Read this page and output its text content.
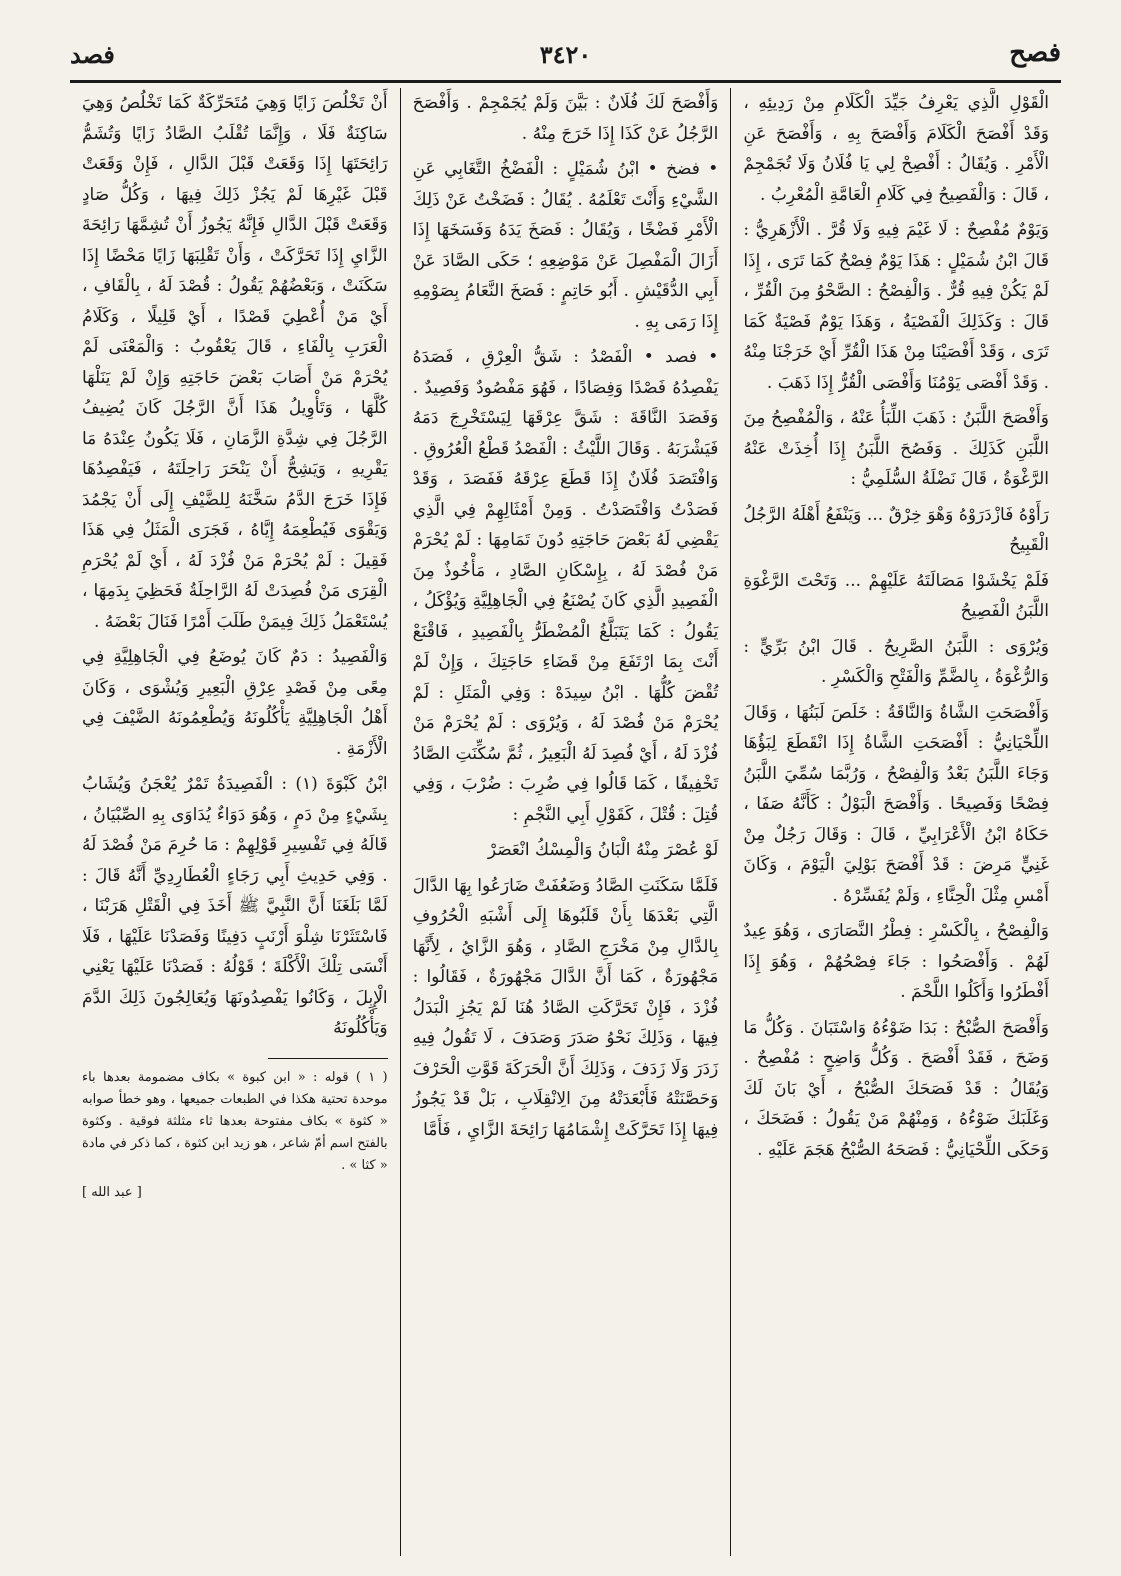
فصح
٣٤٢٠
فصد

الْقَوْلِ الَّذِي يَعْرِفُ جَيِّدَ الْكَلَامِ مِنْ رَدِيئِهِ ، وَقَدْ أَفْصَحَ الْكَلَامَ وَأَفْصَحَ بِهِ ، وَأَفْصَحَ عَنِ الْأَمْرِ . وَيُقَالُ : أَفْصِحْ لِي يَا فُلَانُ وَلَا تُجَمْجِمْ ، قَالَ : وَالْفَصِيحُ فِي كَلَامِ الْعَامَّةِ الْمُعْرِبُ .

وَيَوْمٌ مُفْصِحٌ : لَا غَيْمَ فِيهِ وَلَا قُرَّ . الْأَزْهَرِيُّ : قَالَ ابْنُ شُمَيْلٍ : هَذَا يَوْمٌ فِصْحٌ كَمَا تَرَى ، إِذَا لَمْ يَكُنْ فِيهِ قُرٌّ . وَالْفِصْحُ : الصَّحْوُ مِنَ الْقُرِّ ، قَالَ : وَكَذَلِكَ الْفَصْيَةُ ، وَهَذَا يَوْمٌ فَصْيَةٌ كَمَا تَرَى ، وَقَدْ أَفْصَيْنَا مِنْ هَذَا الْقُرِّ أَيْ خَرَجْنَا مِنْهُ . وَقَدْ أَفْصَى يَوْمُنَا وَأَفْصَى الْقُرُّ إِذَا ذَهَبَ .

وَأَفْصَحَ اللَّبَنُ : ذَهَبَ اللِّبَأُ عَنْهُ ، وَالْمُفْصِحُ مِنَ اللَّبَنِ كَذَلِكَ . وَفَصُحَ اللَّبَنُ إِذَا أُخِذَتْ عَنْهُ الرَّغْوَةُ ، قَالَ نَضْلَةُ السُّلَمِيُّ :

رَأَوْهُ فَازْدَرَوْهُ وَهْوَ خِرْقٌ ... وَيَنْفَعُ أَهْلَهُ الرَّجُلُ الْقَبِيحُ

فَلَمْ يَخْشَوْا مَصَالَتَهُ عَلَيْهِمْ ... وَتَحْتَ الرَّغْوَةِ اللَّبَنُ الْفَصِيحُ

وَيُرْوَى : اللَّبَنُ الصَّرِيحُ . قَالَ ابْنُ بَرِّيٍّ : وَالرُّغْوَةُ ، بِالضَّمِّ وَالْفَتْحِ وَالْكَسْرِ .

وَأَفْصَحَتِ الشَّاةُ وَالنَّاقَةُ : خَلَصَ لَبَنُهَا ، وَقَالَ اللِّحْيَانِيُّ : أَفْصَحَتِ الشَّاةُ إِذَا انْقَطَعَ لِبَؤُهَا وَجَاءَ اللَّبَنُ بَعْدُ وَالْفِصْحُ ، وَرُبَّمَا سُمِّيَ اللَّبَنُ فِصْحًا وَفَصِيحًا . وَأَفْصَحَ الْبَوْلُ : كَأَنَّهُ صَفَا ، حَكَاهُ ابْنُ الْأَعْرَابِيِّ ، قَالَ : وَقَالَ رَجُلٌ مِنْ غَنِيٍّ مَرِضَ : قَدْ أَفْصَحَ بَوْلِيَ الْيَوْمَ ، وَكَانَ أَمْسِ مِثْلَ الْحِنَّاءِ ، وَلَمْ يُفَسِّرْهُ .

وَالْفِصْحُ ، بِالْكَسْرِ : فِطْرُ النَّصَارَى ، وَهُوَ عِيدٌ لَهُمْ . وَأَفْصَحُوا : جَاءَ فِصْحُهُمْ ، وَهُوَ إِذَا أَفْطَرُوا وَأَكَلُوا اللَّحْمَ .

وَأَفْصَحَ الصُّبْحُ : بَدَا ضَوْءُهُ وَاسْتَبَانَ . وَكُلُّ مَا وَضَحَ ، فَقَدْ أَفْصَحَ . وَكُلُّ وَاضِحٍ : مُفْصِحٌ . وَيُقَالُ : قَدْ فَصَحَكَ الصُّبْحُ ، أَيْ بَانَ لَكَ وَغَلَبَكَ ضَوْءُهُ ، وَمِنْهُمْ مَنْ يَقُولُ : فَضَحَكَ ، وَحَكَى اللِّحْيَانِيُّ : فَصَحَهُ الصُّبْحُ هَجَمَ عَلَيْهِ .

وَأَفْصَحَ لَكَ فُلَانٌ : بَيَّنَ وَلَمْ يُجَمْجِمْ . وَأَفْصَحَ الرَّجُلُ عَنْ كَذَا إِذَا خَرَجَ مِنْهُ .

• فضخ • ابْنُ شُمَيْلٍ : الْفَضْخُ التَّغَابِي عَنِ الشَّيْءِ وَأَنْتَ تَعْلَمُهُ . يُقَالُ : فَضَخْتُ عَنْ ذَلِكَ الْأَمْرِ فَضْخًا ، وَيُقَالُ : فَصَخَ يَدَهُ وَفَسَخَهَا إِذَا أَزَالَ الْمَفْصِلَ عَنْ مَوْضِعِهِ ؛ حَكَى الصَّادَ عَنْ أَبِي الدُّقَيْشِ . أَبُو حَاتِمٍ : فَصَخَ النَّعَامُ بِصَوْمِهِ إِذَا رَمَى بِهِ .

• فصد • الْفَصْدُ : شَقُّ الْعِرْقِ ، فَصَدَهُ يَفْصِدُهُ فَصْدًا وَفِصَادًا ، فَهُوَ مَفْصُودٌ وَفَصِيدٌ . وَفَصَدَ النَّاقَةَ : شَقَّ عِرْقَهَا لِيَسْتَخْرِجَ دَمَهُ فَيَشْرَبَهُ . وَقَالَ اللَّيْثُ : الْفَصْدُ قَطْعُ الْعُرُوقِ . وَافْتَصَدَ فُلَانٌ إِذَا قَطَعَ عِرْقَهُ فَفَصَدَ ، وَقَدْ فَصَدْتُ وَافْتَصَدْتُ . وَمِنْ أَمْثَالِهِمْ فِي الَّذِي يَقْضِي لَهُ بَعْضَ حَاجَتِهِ دُونَ تَمَامِهَا : لَمْ يُحْرَمْ مَنْ فُصْدَ لَهُ ، بِإِسْكَانِ الصَّادِ ، مَأْخُوذٌ مِنَ الْفَصِيدِ الَّذِي كَانَ يُصْنَعُ فِي الْجَاهِلِيَّةِ وَيُؤْكَلُ ، يَقُولُ : كَمَا يَتَبَلَّغُ الْمُضْطَرُّ بِالْفَصِيدِ ، فَاقْنَعْ أَنْتَ بِمَا ارْتَفَعَ مِنْ قَضَاءِ حَاجَتِكَ ، وَإِنْ لَمْ تُقْضَ كُلُّهَا . ابْنُ سِيدَهْ : وَفِي الْمَثَلِ : لَمْ يُحْرَمْ مَنْ فُصْدَ لَهُ ، وَيُرْوَى : لَمْ يُحْرَمْ مَنْ فُزْدَ لَهُ ، أَيْ فُصِدَ لَهُ الْبَعِيرُ ، ثُمَّ سُكِّنَتِ الصَّادُ تَخْفِيفًا ، كَمَا قَالُوا فِي ضُرِبَ : ضُرْبَ ، وَفِي قُتِلَ : قُتْلَ ، كَقَوْلِ أَبِي النَّجْمِ :

لَوْ عُصْرَ مِنْهُ الْبَانُ وَالْمِسْكُ انْعَصَرْ

فَلَمَّا سَكَنَتِ الصَّادُ وَضَعُفَتْ ضَارَعُوا بِهَا الدَّالَ الَّتِي بَعْدَهَا بِأَنْ قَلَبُوهَا إِلَى أَشْبَهِ الْحُرُوفِ بِالدَّالِ مِنْ مَخْرَجِ الصَّادِ ، وَهُوَ الزَّايُ ، لِأَنَّهَا مَجْهُورَةٌ ، كَمَا أَنَّ الدَّالَ مَجْهُورَةٌ ، فَقَالُوا : فُزْدَ ، فَإِنْ تَحَرَّكَتِ الصَّادُ هُنَا لَمْ يَجُزِ الْبَدَلُ فِيهَا ، وَذَلِكَ نَحْوُ صَدَرَ وَصَدَفَ ، لَا تَقُولُ فِيهِ زَدَرَ وَلَا زَدَفَ ، وَذَلِكَ أَنَّ الْحَرَكَةَ قَوَّتِ الْحَرْفَ وَحَصَّنَتْهُ فَأَبْعَدَتْهُ مِنَ الِانْقِلَابِ ، بَلْ قَدْ يَجُوزُ فِيهَا إِذَا تَحَرَّكَتْ إِشْمَامُهَا رَائِحَةَ الزَّايِ ، فَأَمَّا

أَنْ تَخْلُصَ زَايًا وَهِيَ مُتَحَرِّكَةٌ كَمَا تَخْلُصُ وَهِيَ سَاكِنَةٌ فَلَا ، وَإِنَّمَا تُقْلَبُ الصَّادُ زَايًا وَتُشَمُّ رَائِحَتَهَا إِذَا وَقَعَتْ قَبْلَ الدَّالِ ، فَإِنْ وَقَعَتْ قَبْلَ غَيْرِهَا لَمْ يَجُزْ ذَلِكَ فِيهَا ، وَكُلُّ صَادٍ وَقَعَتْ قَبْلَ الدَّالِ فَإِنَّهُ يَجُوزُ أَنْ تُشِمَّهَا رَائِحَةَ الزَّايِ إِذَا تَحَرَّكَتْ ، وَأَنْ تَقْلِبَهَا زَايًا مَحْضًا إِذَا سَكَنَتْ ، وَبَعْضُهُمْ يَقُولُ : قُصْدَ لَهُ ، بِالْقَافِ ، أَيْ مَنْ أُعْطِيَ قَصْدًا ، أَيْ قَلِيلًا ، وَكَلَامُ الْعَرَبِ بِالْفَاءِ ، قَالَ يَعْقُوبُ : وَالْمَعْنَى لَمْ يُحْرَمْ مَنْ أَصَابَ بَعْضَ حَاجَتِهِ وَإِنْ لَمْ يَنَلْهَا كُلَّهَا ، وَتَأْوِيلُ هَذَا أَنَّ الرَّجُلَ كَانَ يُضِيفُ الرَّجُلَ فِي شِدَّةِ الزَّمَانِ ، فَلَا يَكُونُ عِنْدَهُ مَا يَقْرِيهِ ، وَيَشِحُّ أَنْ يَنْحَرَ رَاحِلَتَهُ ، فَيَفْصِدُهَا فَإِذَا خَرَجَ الدَّمُ سَخَّنَهُ لِلضَّيْفِ إِلَى أَنْ يَجْمُدَ وَيَقْوَى فَيُطْعِمَهُ إِيَّاهُ ، فَجَرَى الْمَثَلُ فِي هَذَا فَقِيلَ : لَمْ يُحْرَمْ مَنْ فُزْدَ لَهُ ، أَيْ لَمْ يُحْرَمِ الْقِرَى مَنْ فُصِدَتْ لَهُ الرَّاحِلَةُ فَحَظِيَ بِدَمِهَا ، يُسْتَعْمَلُ ذَلِكَ فِيمَنْ طَلَبَ أَمْرًا فَنَالَ بَعْضَهُ .

وَالْفَصِيدُ : دَمٌ كَانَ يُوضَعُ فِي الْجَاهِلِيَّةِ فِي مِعًى مِنْ فَصْدِ عِرْقِ الْبَعِيرِ وَيُشْوَى ، وَكَانَ أَهْلُ الْجَاهِلِيَّةِ يَأْكُلُونَهُ وَيُطْعِمُونَهُ الضَّيْفَ فِي الْأَزْمَةِ .

ابْنُ كَبْوَةَ (١) : الْفَصِيدَةُ تَمْرٌ يُعْجَنُ وَيُشَابُ بِشَيْءٍ مِنْ دَمٍ ، وَهُوَ دَوَاءٌ يُدَاوَى بِهِ الصِّبْيَانُ ، قَالَهُ فِي تَفْسِيرِ قَوْلِهِمْ : مَا حُرِمَ مَنْ فُصْدَ لَهُ . وَفِي حَدِيثِ أَبِي رَجَاءٍ الْعُطَارِدِيِّ أَنَّهُ قَالَ : لَمَّا بَلَغَنَا أَنَّ النَّبِيَّ ﷺ أَخَذَ فِي الْقَتْلِ هَرَبْنَا ، فَاسْتَثَرْنَا شِلْوَ أَرْنَبٍ دَفِينًا وَفَصَدْنَا عَلَيْهَا ، فَلَا أَنْسَى تِلْكَ الْأَكْلَةَ ؛ قَوْلُهُ : فَصَدْنَا عَلَيْهَا يَعْنِي الْإِبِلَ ، وَكَانُوا يَفْصِدُونَهَا وَيُعَالِجُونَ ذَلِكَ الدَّمَ وَيَأْكُلُونَهُ

( ١ ) قوله : « ابن كبوة » بكاف مضمومة بعدها باء موحدة تحتية هكذا في الطبعات جميعها ، وهو خطأ صوابه « كثوة » بكاف مفتوحة بعدها ثاء مثلثة فوقية . وكثوة بالفتح اسم أمّ شاعر ، هو زيد ابن كثوة ، كما ذكر في مادة « كثا » .

[ عبد الله ]
